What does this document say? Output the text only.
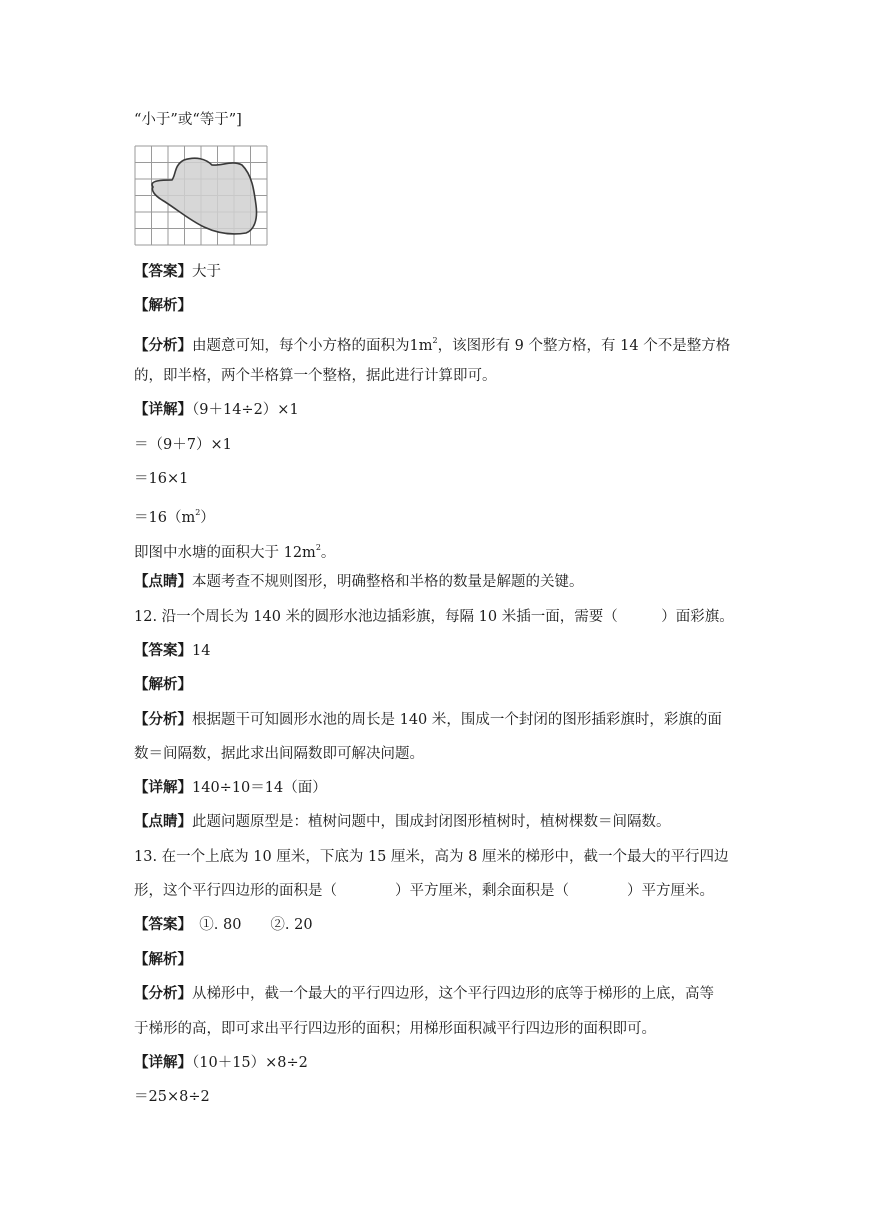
“小于”或“等于”]
【答案】大于
【解析】
【分析】由题意可知，每个小方格的面积为$1m^2$，该图形有 9 个整方格，有 14 个不是整方格
的，即半格，两个半格算一个整格，据此进行计算即可。
【详解】（9＋14÷2）×1
＝（9＋7）×1
＝16×1
$=16(m^2)$
即图中水塘的面积大于 $12m^2$。
【点睛】本题考查不规则图形，明确整格和半格的数量是解题的关键。
12. 沿一个周长为 140 米的圆形水池边插彩旗，每隔 10 米插一面，需要（　　　）面彩旗。
【答案】14
【解析】
【分析】根据题干可知圆形水池的周长是 140 米，围成一个封闭的图形插彩旗时，彩旗的面
数＝间隔数，据此求出间隔数即可解决问题。
【详解】140÷10＝14（面）
【点睛】此题问题原型是：植树问题中，围成封闭图形植树时，植树棵数＝间隔数。
13. 在一个上底为 10 厘米，下底为 15 厘米，高为 8 厘米的梯形中，截一个最大的平行四边
形，这个平行四边形的面积是（　　　　）平方厘米，剩余面积是（　　　　）平方厘米。
【答案】　①. 80　　②. 20
【解析】
【分析】从梯形中，截一个最大的平行四边形，这个平行四边形的底等于梯形的上底，高等
于梯形的高，即可求出平行四边形的面积；用梯形面积减平行四边形的面积即可。
【详解】（10＋15）×8÷2
＝25×8÷2
